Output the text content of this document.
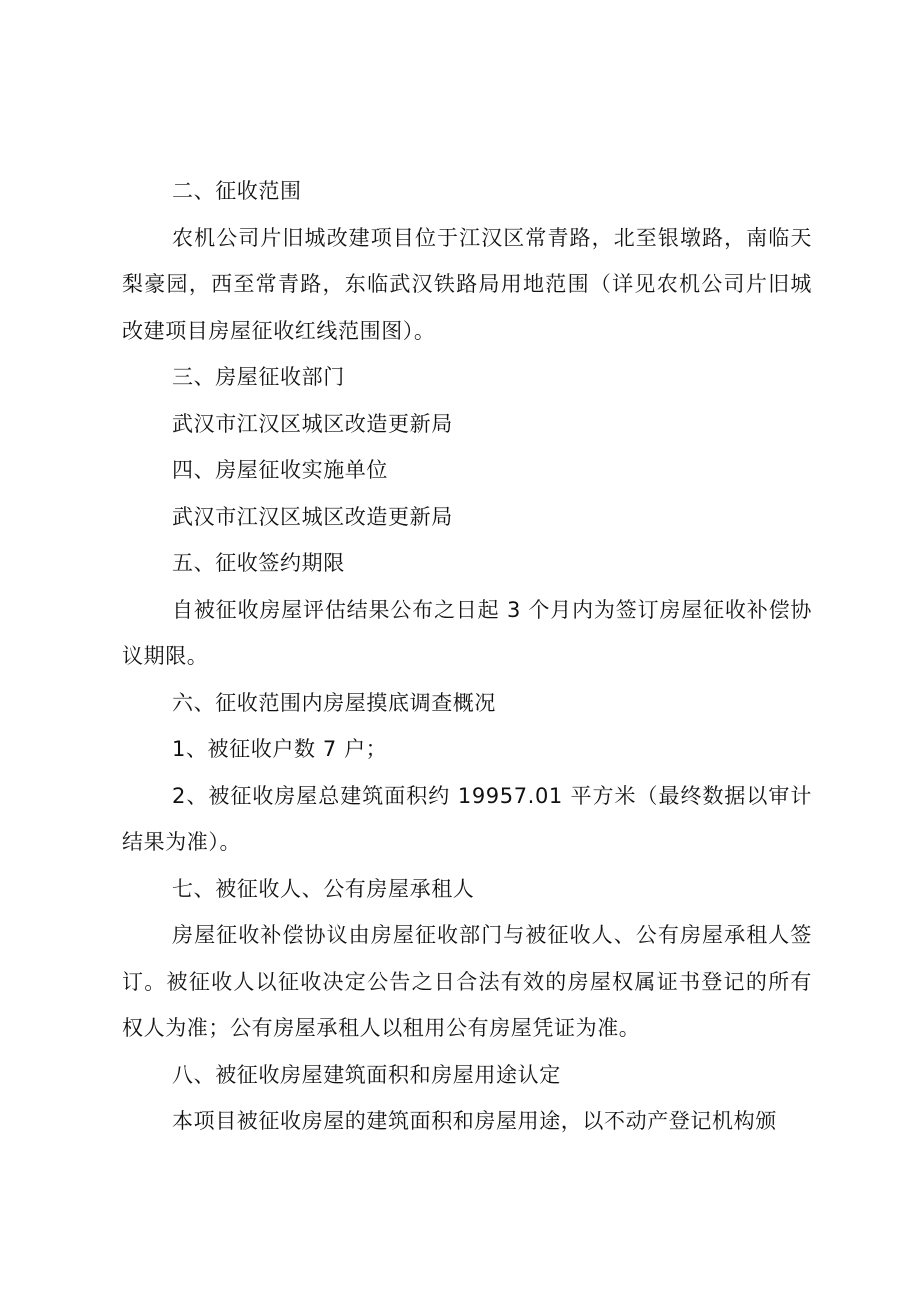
二、征收范围

农机公司片旧城改建项目位于江汉区常青路，北至银墩路，南临天梨豪园，西至常青路，东临武汉铁路局用地范围（详见农机公司片旧城改建项目房屋征收红线范围图）。

三、房屋征收部门

武汉市江汉区城区改造更新局

四、房屋征收实施单位

武汉市江汉区城区改造更新局

五、征收签约期限

自被征收房屋评估结果公布之日起 3 个月内为签订房屋征收补偿协议期限。

六、征收范围内房屋摸底调查概况

1、被征收户数 7 户；

2、被征收房屋总建筑面积约 19957.01 平方米（最终数据以审计结果为准）。

七、被征收人、公有房屋承租人

房屋征收补偿协议由房屋征收部门与被征收人、公有房屋承租人签订。被征收人以征收决定公告之日合法有效的房屋权属证书登记的所有权人为准；公有房屋承租人以租用公有房屋凭证为准。

八、被征收房屋建筑面积和房屋用途认定

本项目被征收房屋的建筑面积和房屋用途，以不动产登记机构颁
